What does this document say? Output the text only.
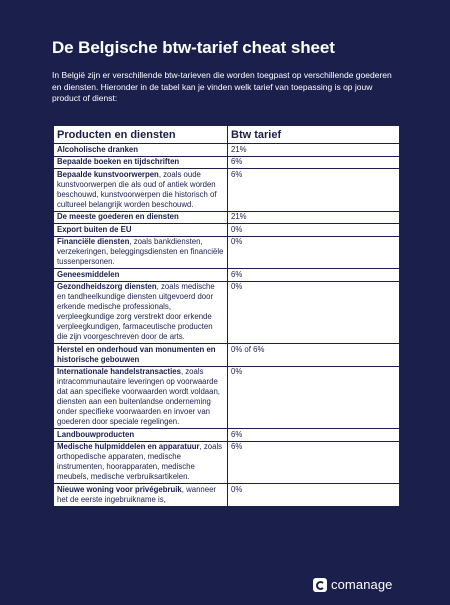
De Belgische btw-tarief cheat sheet
In België zijn er verschillende btw-tarieven die worden toegpast op verschillende goederen en diensten. Hieronder in de tabel kan je vinden welk tarief van toepassing is op jouw product of dienst:
Producten en diensten	Btw tarief
Alcoholische dranken	21%
Bepaalde boeken en tijdschriften	6%
Bepaalde kunstvoorwerpen, zoals oude kunstvoorwerpen die als oud of antiek worden beschouwd, kunstvoorwerpen die historisch of cultureel belangrijk worden beschouwd.	6%
De meeste goederen en diensten	21%
Export buiten de EU	0%
Financiële diensten, zoals bankdiensten, verzekeringen, beleggingsdiensten en financiële tussenpersonen.	0%
Geneesmiddelen	6%
Gezondheidszorg diensten, zoals medische en tandheelkundige diensten uitgevoerd door erkende medische professionals, verpleegkundige zorg verstrekt door erkende verpleegkundigen, farmaceutische producten die zijn voorgeschreven door de arts.	0%
Herstel en onderhoud van monumenten en historische gebouwen	0% of 6%
Internationale handelstransacties, zoals intracommunautaire leveringen op voorwaarde dat aan specifieke voorwaarden wordt voldaan, diensten aan een buitenlandse onderneming onder specifieke voorwaarden en invoer van goederen door speciale regelingen.	0%
Landbouwproducten	6%
Medische hulpmiddelen en apparatuur, zoals orthopedische apparaten, medische instrumenten, hoorapparaten, medische meubels, medische verbruiksartikelen.	6%
Nieuwe woning voor privégebruik, wanneer het de eerste ingebruikname is,	0%
comanage
